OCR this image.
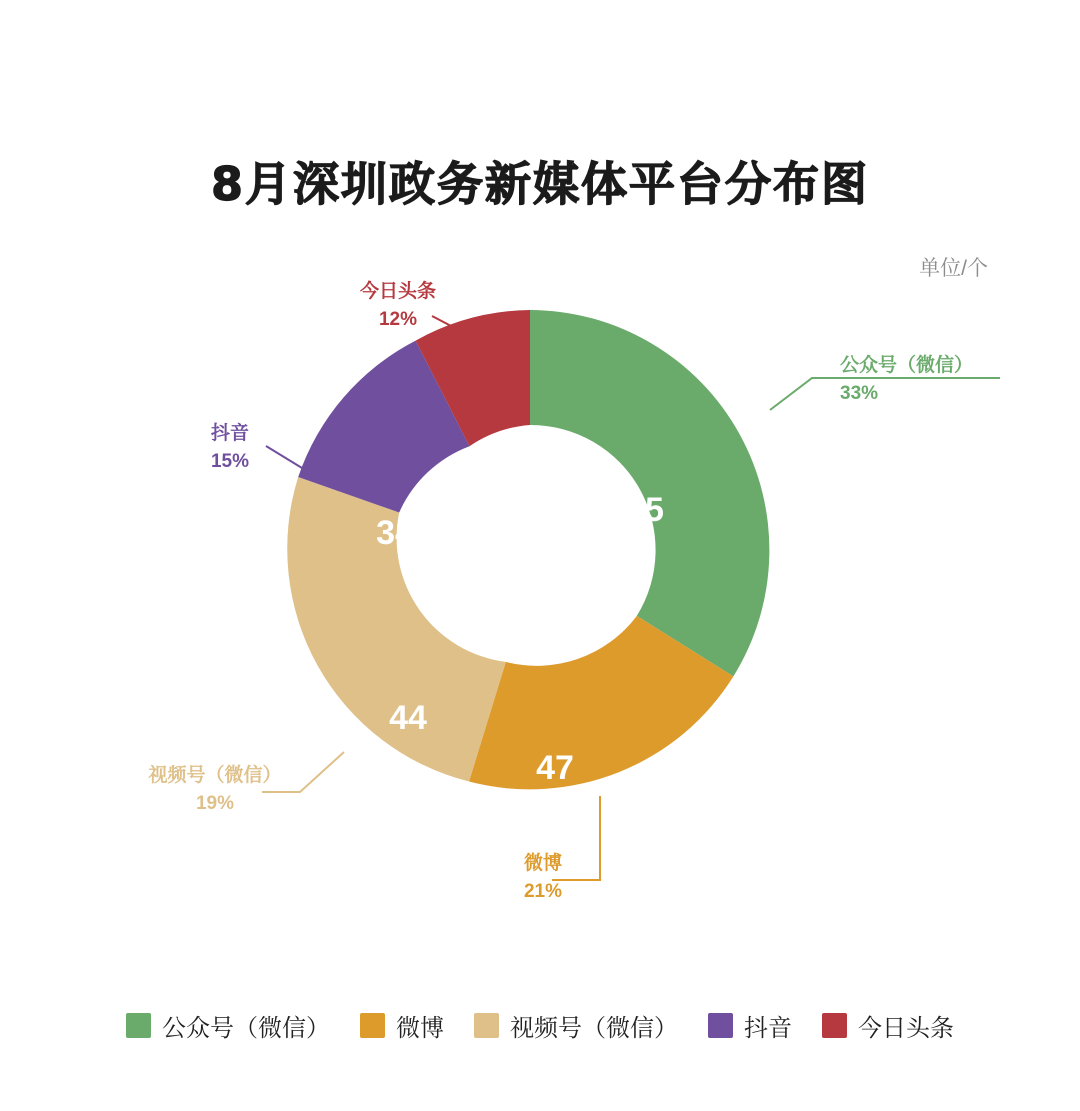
8月深圳政务新媒体平台分布图
单位/个
75
47
44
34
27
公众号（微信）
33%
微博
21%
视频号（微信）
19%
抖音
15%
今日头条
12%
公众号（微信）	微博	视频号（微信）	抖音	今日头条
